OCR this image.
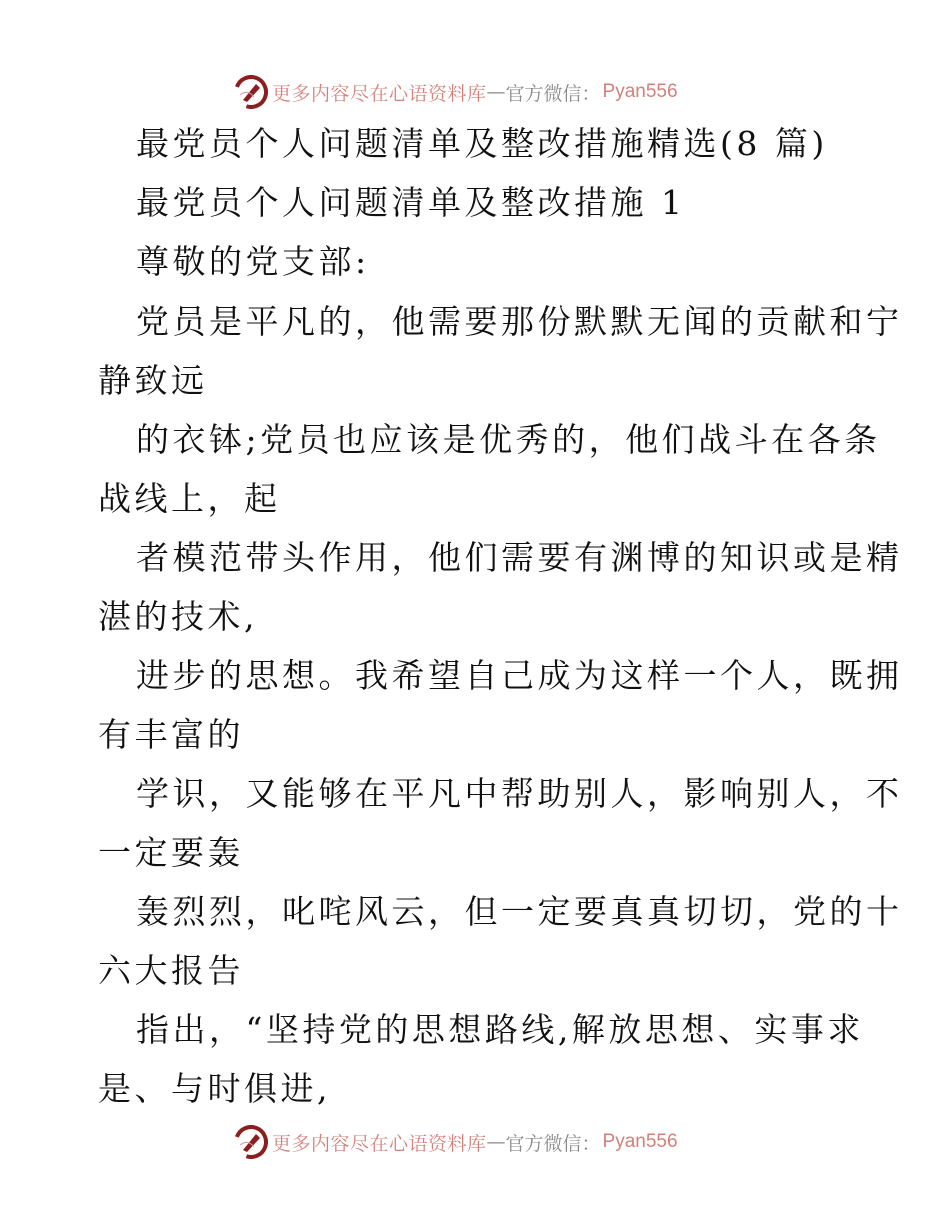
更多内容尽在心语资料库 — 官方微信： Pyan556
最党员个人问题清单及整改措施精选(8 篇)
最党员个人问题清单及整改措施 1
尊敬的党支部:
党员是平凡的，他需要那份默默无闻的贡献和宁
静致远
的衣钵;党员也应该是优秀的，他们战斗在各条
战线上，起
者模范带头作用，他们需要有渊博的知识或是精
湛的技术,
进步的思想。我希望自己成为这样一个人，既拥
有丰富的
学识，又能够在平凡中帮助别人，影响别人，不
一定要轰
轰烈烈，叱咤风云，但一定要真真切切，党的十
六大报告
指出，“坚持党的思想路线,解放思想、实事求
是、与时俱进,
更多内容尽在心语资料库 — 官方微信： Pyan556
